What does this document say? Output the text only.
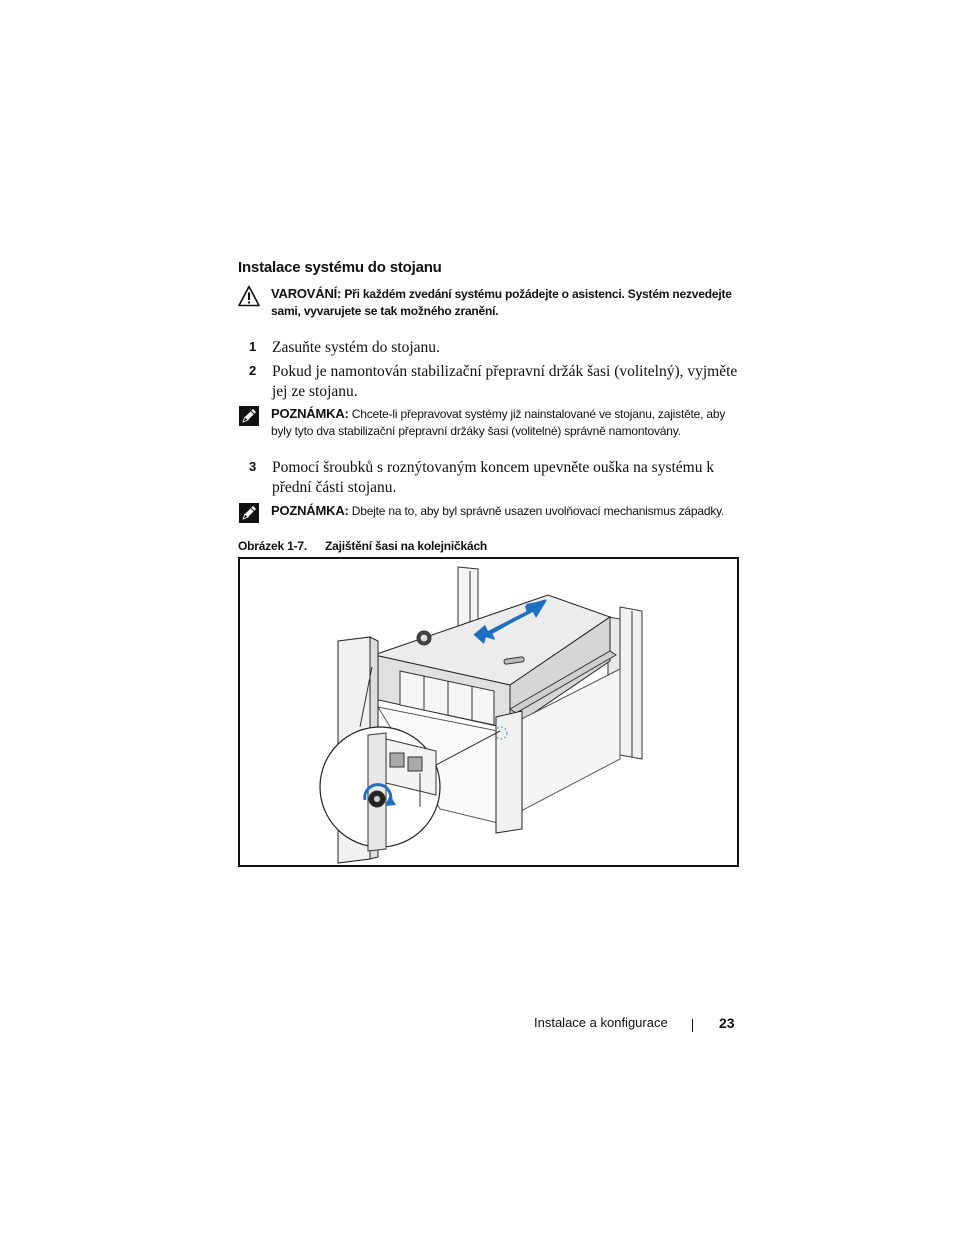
Instalace systému do stojanu
VAROVÁNÍ: Při každém zvedání systému požádejte o asistenci. Systém nezvedejte sami, vyvarujete se tak možného zranění.
1 Zasuňte systém do stojanu.
2 Pokud je namontován stabilizační přepravní držák šasi (volitelný), vyjměte jej ze stojanu.
POZNÁMKA: Chcete-li přepravovat systémy již nainstalované ve stojanu, zajistěte, aby byly tyto dva stabilizační přepravní držáky šasi (volitelné) správně namontovány.
3 Pomocí šroubků s roznýtovaným koncem upevněte ouška na systému k přední části stojanu.
POZNÁMKA: Dbejte na to, aby byl správně usazen uvolňovací mechanismus západky.
Obrázek 1-7. Zajištění šasi na kolejničkách
Instalace a konfigurace	23
